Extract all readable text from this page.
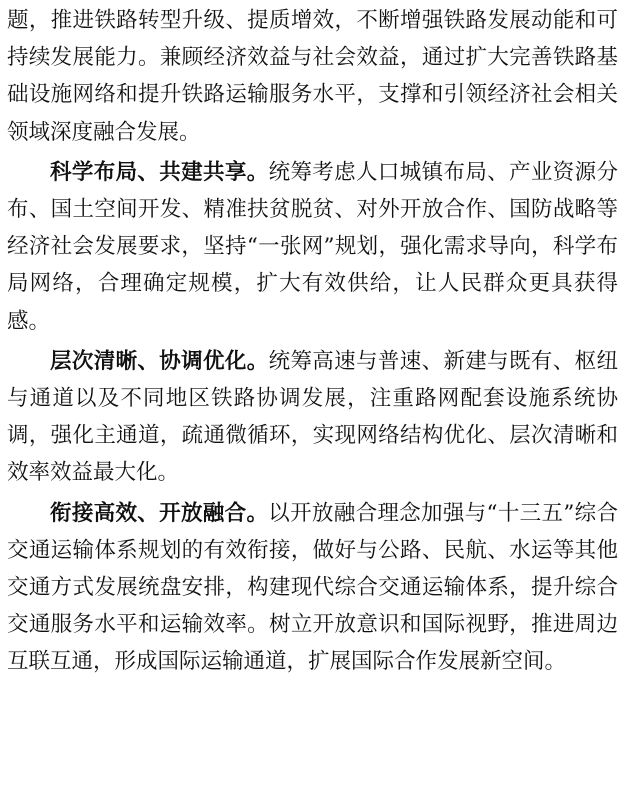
题，推进铁路转型升级、提质增效，不断增强铁路发展动能和可持续发展能力。兼顾经济效益与社会效益，通过扩大完善铁路基础设施网络和提升铁路运输服务水平，支撑和引领经济社会相关领域深度融合发展。

科学布局、共建共享。统筹考虑人口城镇布局、产业资源分布、国土空间开发、精准扶贫脱贫、对外开放合作、国防战略等经济社会发展要求，坚持“一张网”规划，强化需求导向，科学布局网络，合理确定规模，扩大有效供给，让人民群众更具获得感。

层次清晰、协调优化。统筹高速与普速、新建与既有、枢纽与通道以及不同地区铁路协调发展，注重路网配套设施系统协调，强化主通道，疏通微循环，实现网络结构优化、层次清晰和效率效益最大化。

衔接高效、开放融合。以开放融合理念加强与“十三五”综合交通运输体系规划的有效衔接，做好与公路、民航、水运等其他交通方式发展统盘安排，构建现代综合交通运输体系，提升综合交通服务水平和运输效率。树立开放意识和国际视野，推进周边互联互通，形成国际运输通道，扩展国际合作发展新空间。
